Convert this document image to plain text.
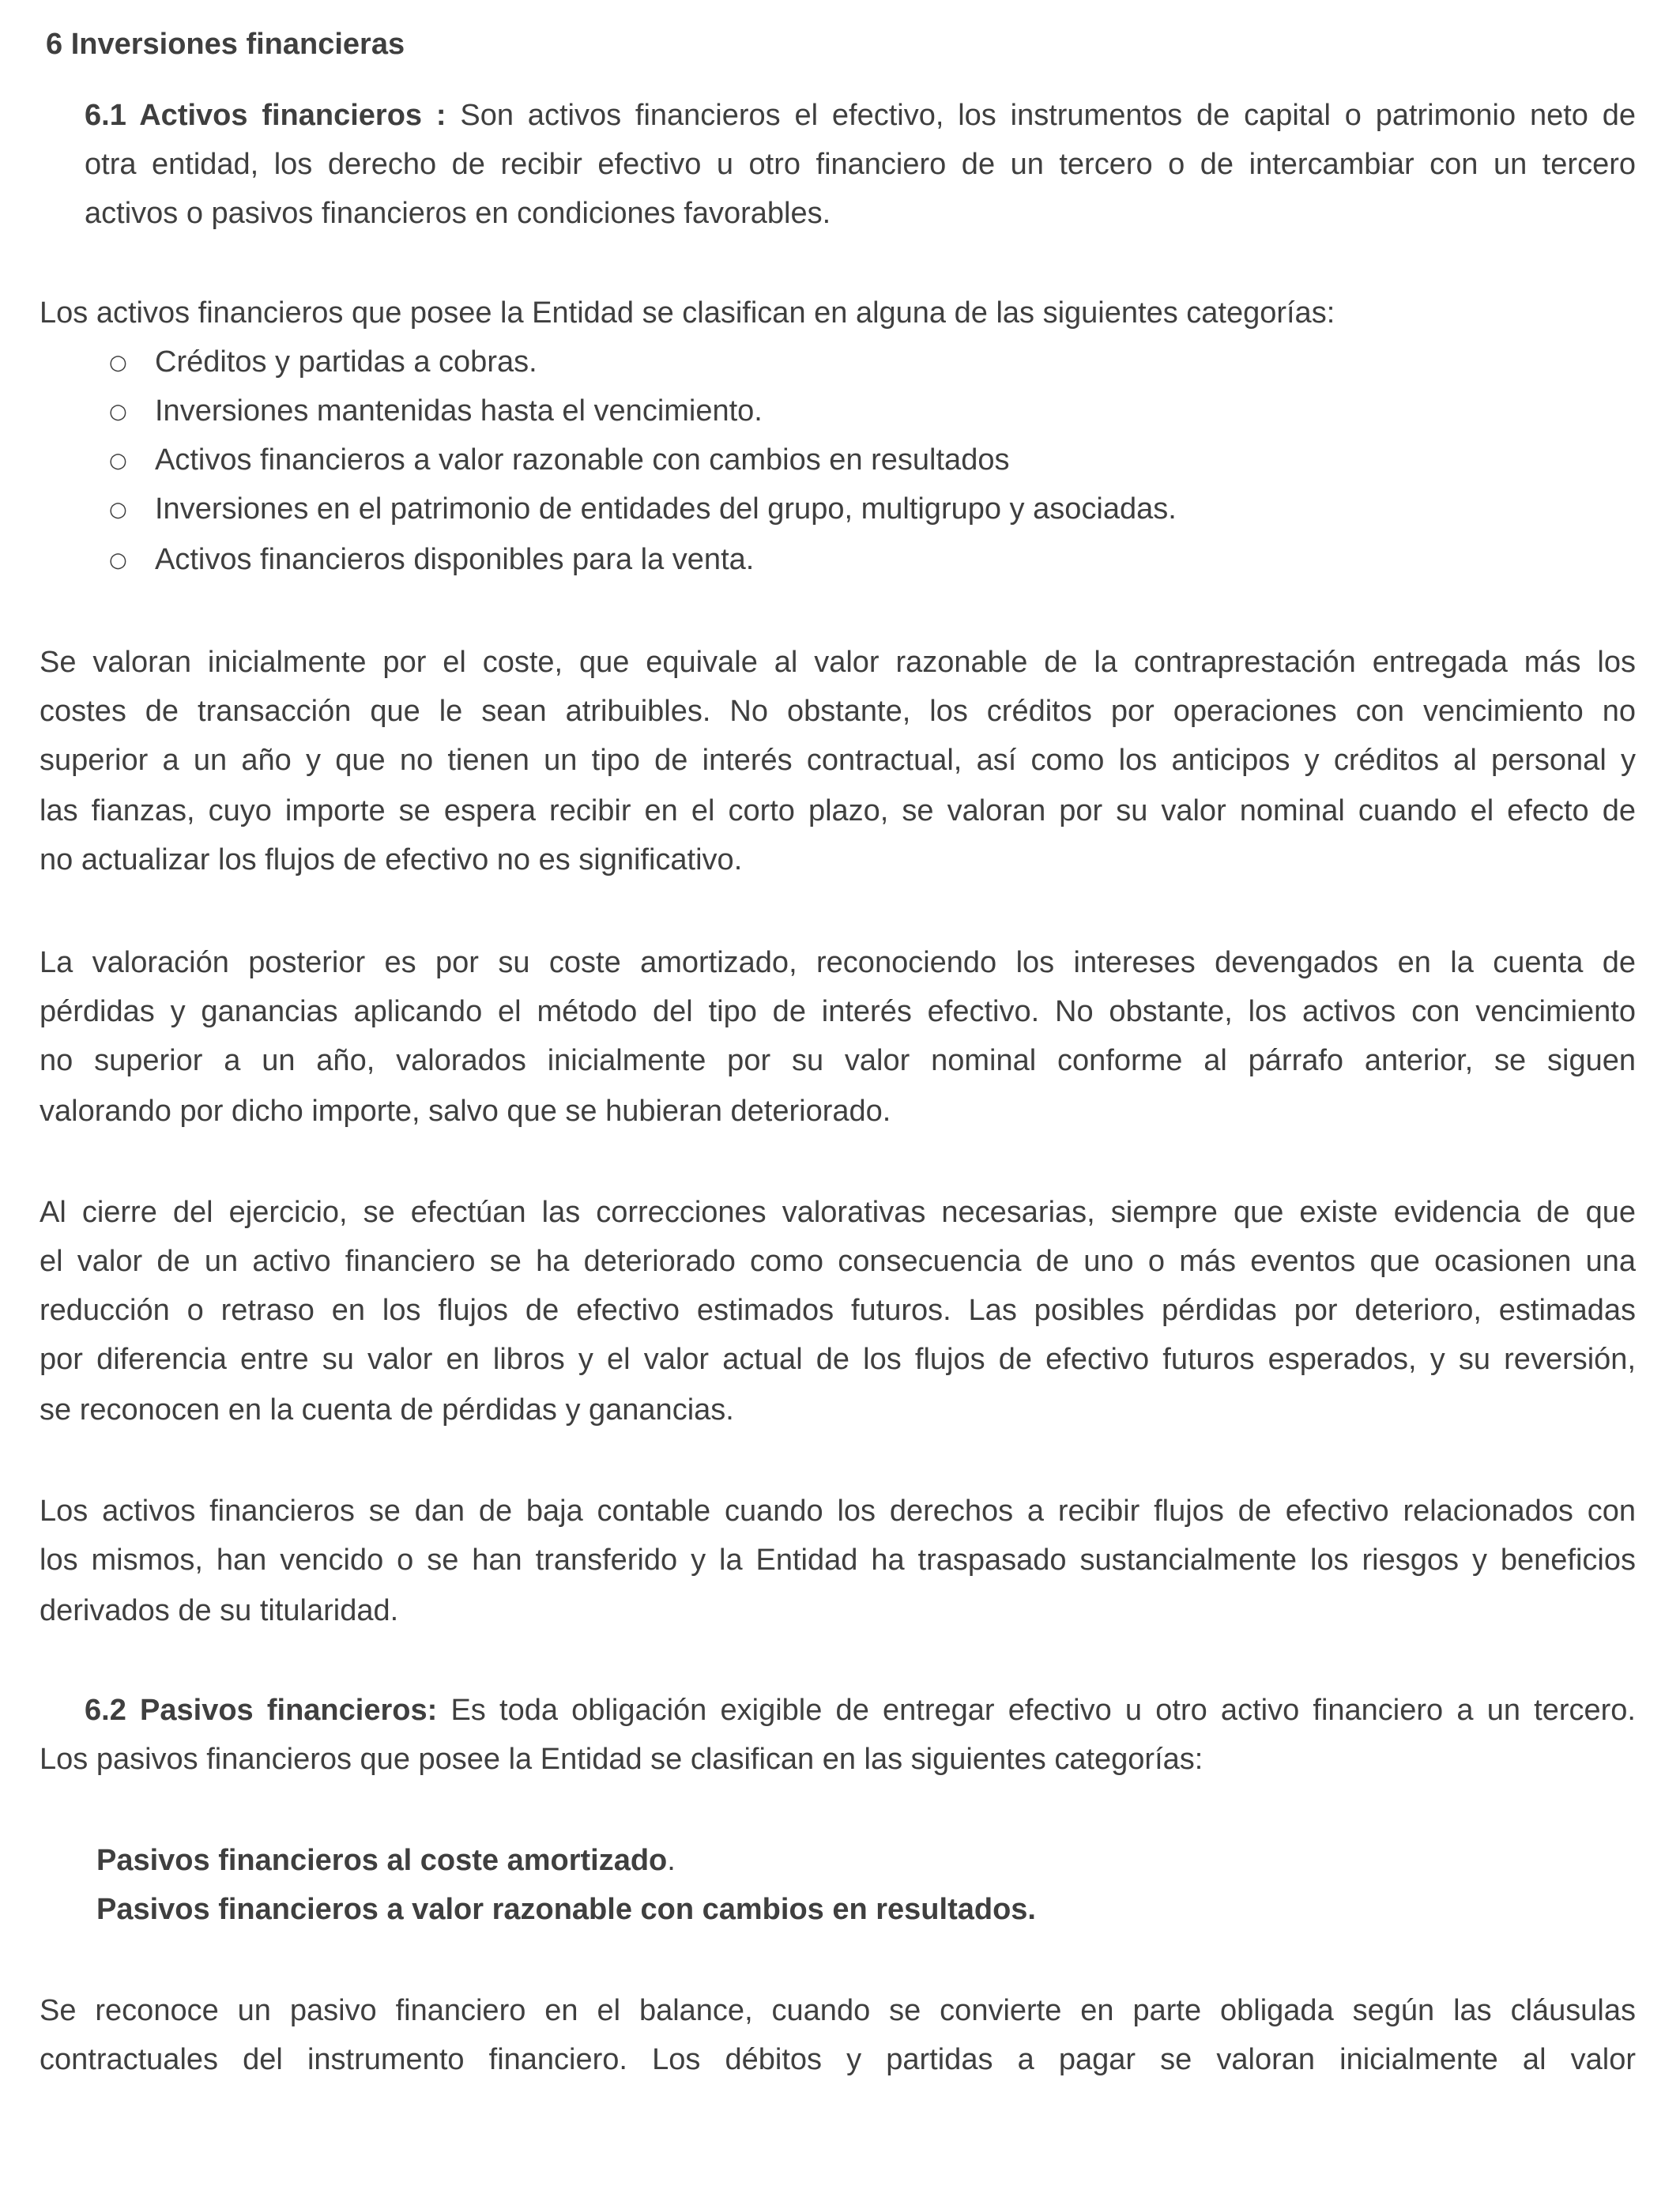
6 Inversiones financieras

6.1 Activos financieros : Son activos financieros el efectivo, los instrumentos de capital o patrimonio neto de

otra entidad, los derecho de recibir efectivo u otro financiero de un tercero o de intercambiar con un tercero

activos o pasivos financieros en condiciones favorables.

Los activos financieros que posee la Entidad se clasifican en alguna de las siguientes categorías:

○ Créditos y partidas a cobras.
○ Inversiones mantenidas hasta el vencimiento.
○ Activos financieros a valor razonable con cambios en resultados
○ Inversiones en el patrimonio de entidades del grupo, multigrupo y asociadas.
○ Activos financieros disponibles para la venta.

Se valoran inicialmente por el coste, que equivale al valor razonable de la contraprestación entregada más los

costes de transacción que le sean atribuibles. No obstante, los créditos por operaciones con vencimiento no

superior a un año y que no tienen un tipo de interés contractual, así como los anticipos y créditos al personal y

las fianzas, cuyo importe se espera recibir en el corto plazo, se valoran por su valor nominal cuando el efecto de

no actualizar los flujos de efectivo no es significativo.

La valoración posterior es por su coste amortizado, reconociendo los intereses devengados en la cuenta de

pérdidas y ganancias aplicando el método del tipo de interés efectivo. No obstante, los activos con vencimiento

no superior a un año, valorados inicialmente por su valor nominal conforme al párrafo anterior, se siguen

valorando por dicho importe, salvo que se hubieran deteriorado.

Al cierre del ejercicio, se efectúan las correcciones valorativas necesarias, siempre que existe evidencia de que

el valor de un activo financiero se ha deteriorado como consecuencia de uno o más eventos que ocasionen una

reducción o retraso en los flujos de efectivo estimados futuros. Las posibles pérdidas por deterioro, estimadas

por diferencia entre su valor en libros y el valor actual de los flujos de efectivo futuros esperados, y su reversión,

se reconocen en la cuenta de pérdidas y ganancias.

Los activos financieros se dan de baja contable cuando los derechos a recibir flujos de efectivo relacionados con

los mismos, han vencido o se han transferido y la Entidad ha traspasado sustancialmente los riesgos y beneficios

derivados de su titularidad.

6.2 Pasivos financieros: Es toda obligación exigible de entregar efectivo u otro activo financiero a un tercero.

Los pasivos financieros que posee la Entidad se clasifican en las siguientes categorías:

Pasivos financieros al coste amortizado.

Pasivos financieros a valor razonable con cambios en resultados.

Se reconoce un pasivo financiero en el balance, cuando se convierte en parte obligada según las cláusulas

contractuales del instrumento financiero. Los débitos y partidas a pagar se valoran inicialmente al valor
